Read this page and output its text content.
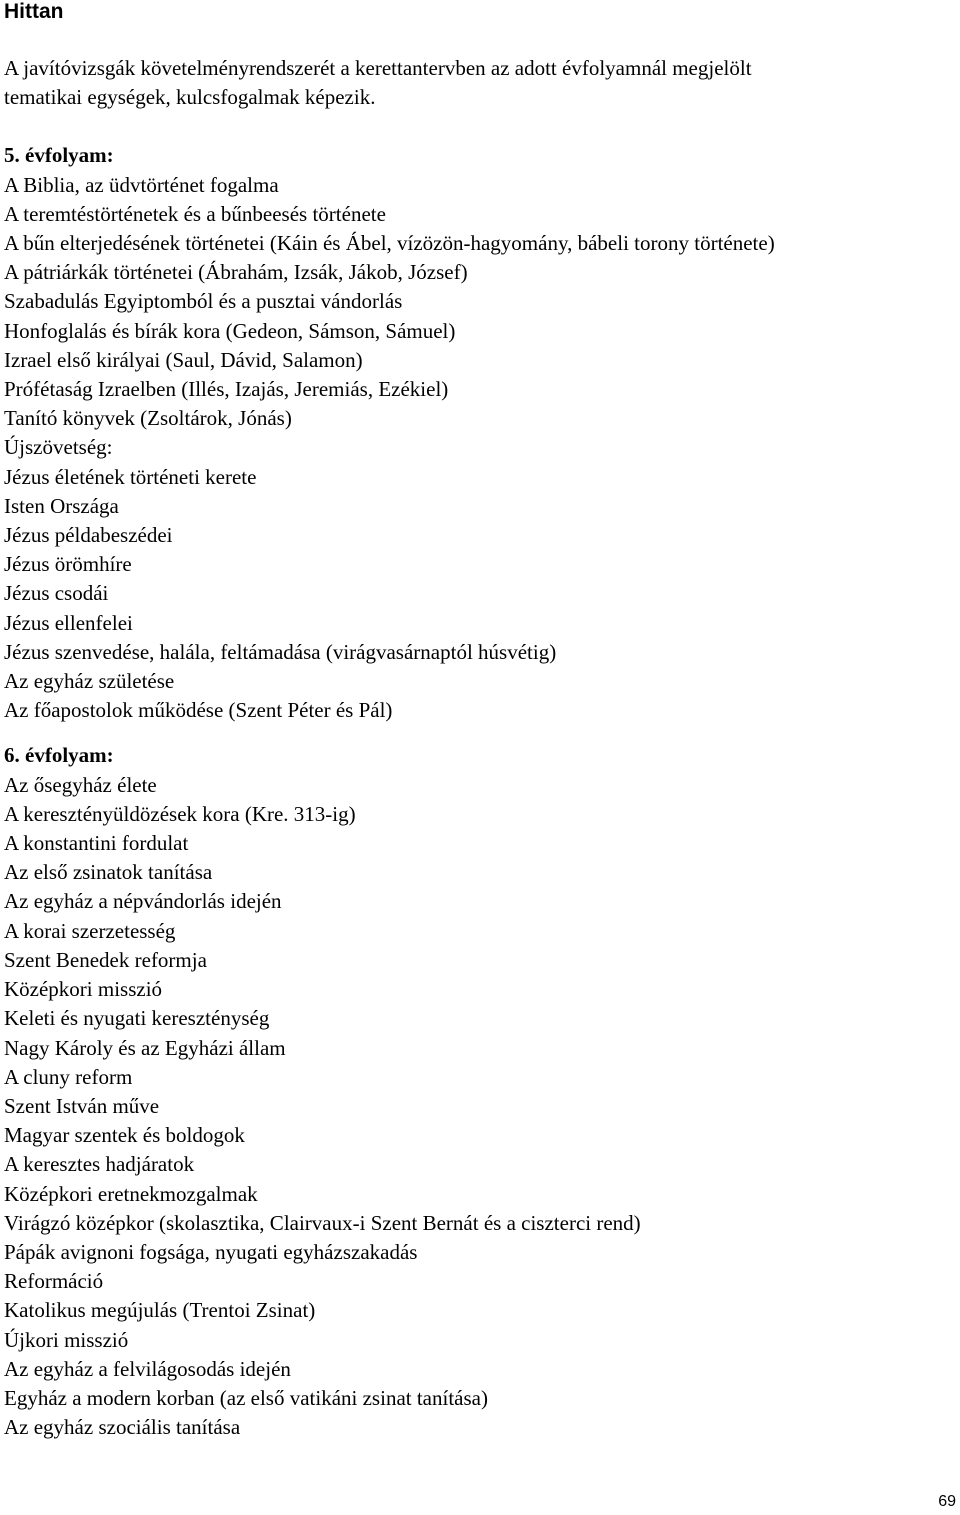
Hittan

A javítóvizsgák követelményrendszerét a kerettantervben az adott évfolyamnál megjelölt
tematikai egységek, kulcsfogalmak képezik.

5. évfolyam:
A Biblia, az üdvtörténet fogalma
A teremtéstörténetek és a bűnbeesés története
A bűn elterjedésének történetei (Káin és Ábel, vízözön-hagyomány, bábeli torony története)
A pátriárkák történetei (Ábrahám, Izsák, Jákob, József)
Szabadulás Egyiptomból és a pusztai vándorlás
Honfoglalás és bírák kora (Gedeon, Sámson, Sámuel)
Izrael első királyai (Saul, Dávid, Salamon)
Prófétaság Izraelben (Illés, Izajás, Jeremiás, Ezékiel)
Tanító könyvek (Zsoltárok, Jónás)
Újszövetség:
Jézus életének történeti kerete
Isten Országa
Jézus példabeszédei
Jézus örömhíre
Jézus csodái
Jézus ellenfelei
Jézus szenvedése, halála, feltámadása (virágvasárnaptól húsvétig)
Az egyház születése
Az főapostolok működése (Szent Péter és Pál)
6. évfolyam:
Az ősegyház élete
A keresztényüldözések kora (Kre. 313-ig)
A konstantini fordulat
Az első zsinatok tanítása
Az egyház a népvándorlás idején
A korai szerzetesség
Szent Benedek reformja
Középkori misszió
Keleti és nyugati kereszténység
Nagy Károly és az Egyházi állam
A cluny reform
Szent István műve
Magyar szentek és boldogok
A keresztes hadjáratok
Középkori eretnekmozgalmak
Virágzó középkor (skolasztika, Clairvaux-i Szent Bernát és a ciszterci rend)
Pápák avignoni fogsága, nyugati egyházszakadás
Reformáció
Katolikus megújulás (Trentoi Zsinat)
Újkori misszió
Az egyház a felvilágosodás idején
Egyház a modern korban (az első vatikáni zsinat tanítása)
Az egyház szociális tanítása
69
